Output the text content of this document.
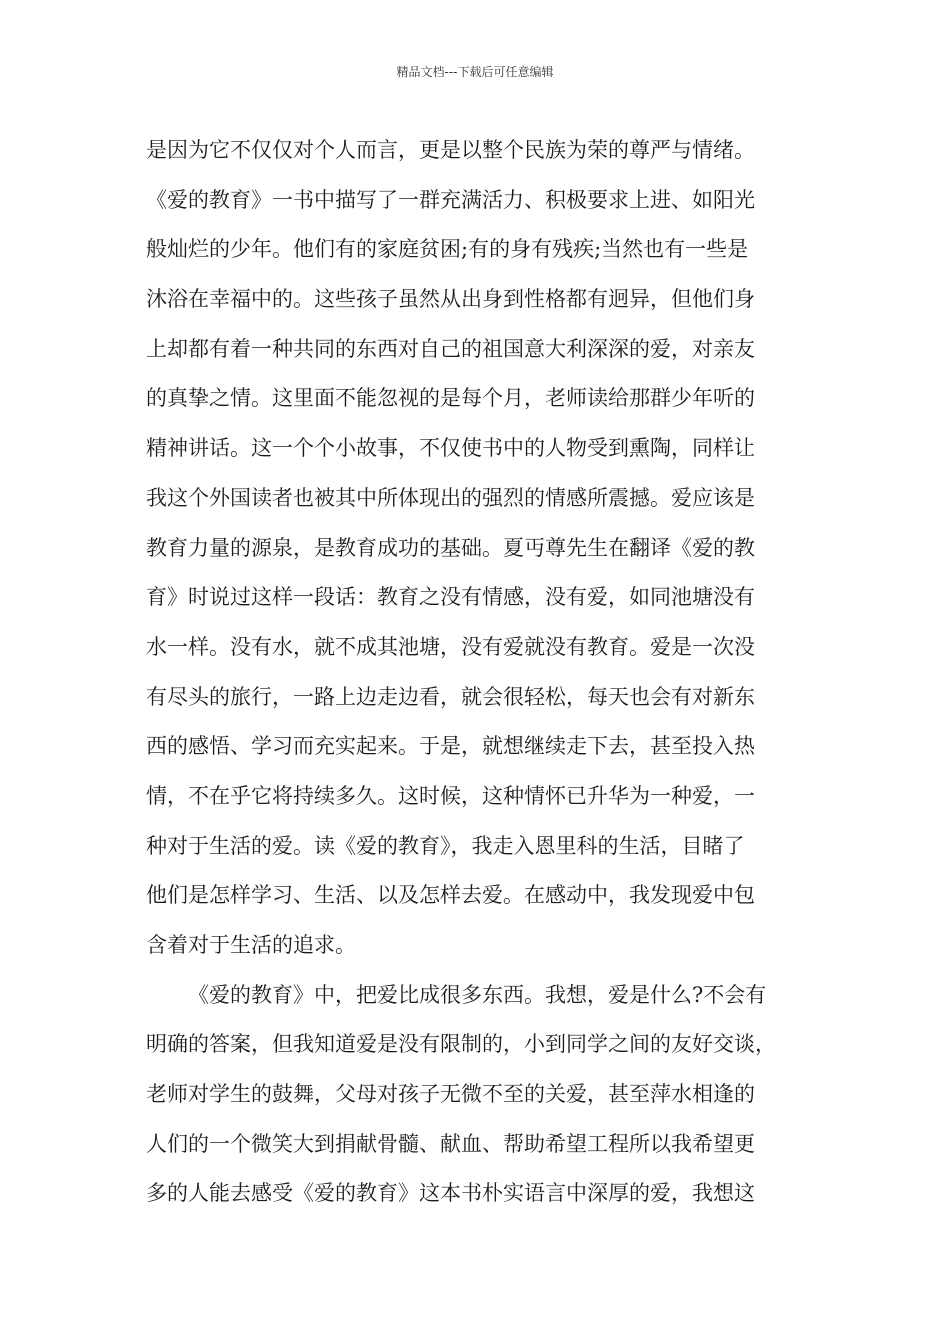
精品文档---下载后可任意编辑
是因为它不仅仅对个人而言，更是以整个民族为荣的尊严与情绪。
《爱的教育》一书中描写了一群充满活力、积极要求上进、如阳光
般灿烂的少年。他们有的家庭贫困;有的身有残疾;当然也有一些是
沐浴在幸福中的。这些孩子虽然从出身到性格都有迥异，但他们身
上却都有着一种共同的东西对自己的祖国意大利深深的爱，对亲友
的真挚之情。这里面不能忽视的是每个月，老师读给那群少年听的
精神讲话。这一个个小故事，不仅使书中的人物受到熏陶，同样让
我这个外国读者也被其中所体现出的强烈的情感所震撼。爱应该是
教育力量的源泉，是教育成功的基础。夏丏尊先生在翻译《爱的教
育》时说过这样一段话：教育之没有情感，没有爱，如同池塘没有
水一样。没有水，就不成其池塘，没有爱就没有教育。爱是一次没
有尽头的旅行，一路上边走边看，就会很轻松，每天也会有对新东
西的感悟、学习而充实起来。于是，就想继续走下去，甚至投入热
情，不在乎它将持续多久。这时候，这种情怀已升华为一种爱，一
种对于生活的爱。读《爱的教育》，我走入恩里科的生活，目睹了
他们是怎样学习、生活、以及怎样去爱。在感动中，我发现爱中包
含着对于生活的追求。
《爱的教育》中，把爱比成很多东西。我想，爱是什么?不会有
明确的答案，但我知道爱是没有限制的，小到同学之间的友好交谈，
老师对学生的鼓舞，父母对孩子无微不至的关爱，甚至萍水相逢的
人们的一个微笑大到捐献骨髓、献血、帮助希望工程所以我希望更
多的人能去感受《爱的教育》这本书朴实语言中深厚的爱，我想这
